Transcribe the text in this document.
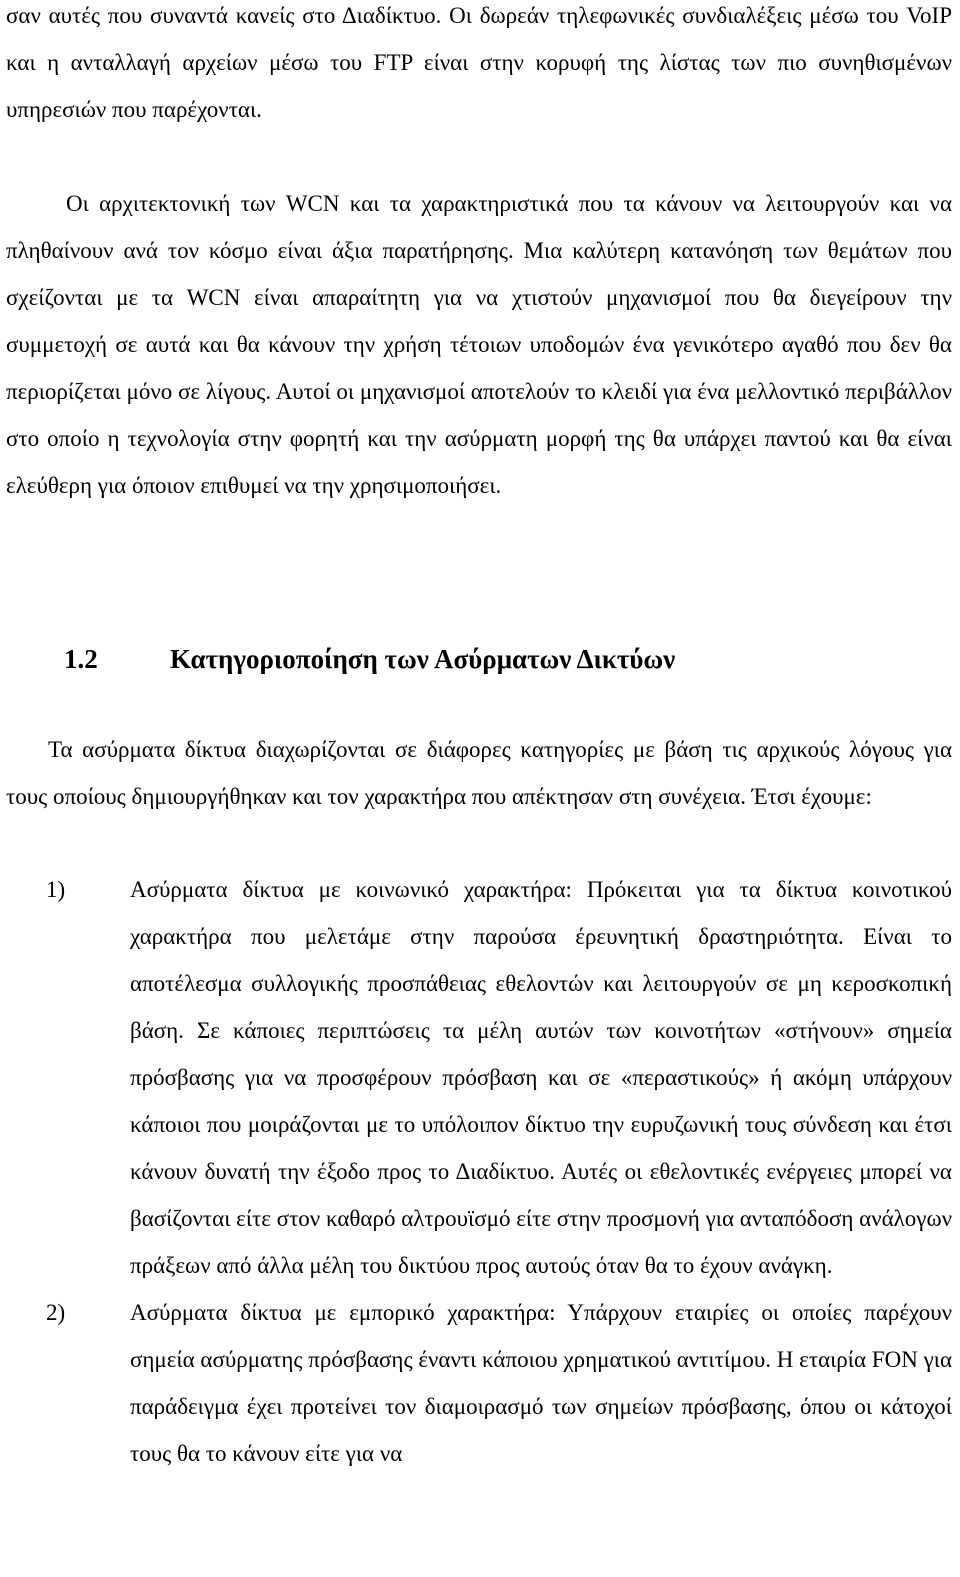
σαν αυτές που συναντά κανείς στο Διαδίκτυο. Οι δωρεάν τηλεφωνικές συνδιαλέξεις μέσω του VoIP και η ανταλλαγή αρχείων μέσω του FTP είναι στην κορυφή της λίστας των πιο συνηθισμένων υπηρεσιών που παρέχονται.

Οι αρχιτεκτονική των WCN και τα χαρακτηριστικά που τα κάνουν να λειτουργούν και να πληθαίνουν ανά τον κόσμο είναι άξια παρατήρησης. Μια καλύτερη κατανόηση των θεμάτων που σχείζονται με τα WCN είναι απαραίτητη για να χτιστούν μηχανισμοί που θα διεγείρουν την συμμετοχή σε αυτά και θα κάνουν την χρήση τέτοιων υποδομών ένα γενικότερο αγαθό που δεν θα περιορίζεται μόνο σε λίγους. Αυτοί οι μηχανισμοί αποτελούν το κλειδί για ένα μελλοντικό περιβάλλον στο οποίο η τεχνολογία στην φορητή και την ασύρματη μορφή της θα υπάρχει παντού και θα είναι ελεύθερη για όποιον επιθυμεί να την χρησιμοποιήσει.

1.2	Κατηγοριοποίηση των Ασύρματων Δικτύων

Τα ασύρματα δίκτυα διαχωρίζονται σε διάφορες κατηγορίες με βάση τις αρχικούς λόγους για τους οποίους δημιουργήθηκαν και τον χαρακτήρα που απέκτησαν στη συνέχεια. Έτσι έχουμε:

1)	Ασύρματα δίκτυα με κοινωνικό χαρακτήρα: Πρόκειται για τα δίκτυα κοινοτικού χαρακτήρα που μελετάμε στην παρούσα έρευνητική δραστηριότητα. Είναι το αποτέλεσμα συλλογικής προσπάθειας εθελοντών και λειτουργούν σε μη κεροσκοπική βάση. Σε κάποιες περιπτώσεις τα μέλη αυτών των κοινοτήτων «στήνουν» σημεία πρόσβασης για να προσφέρουν πρόσβαση και σε «περαστικούς» ή ακόμη υπάρχουν κάποιοι που μοιράζονται με το υπόλοιπον δίκτυο την ευρυζωνική τους σύνδεση και έτσι κάνουν δυνατή την έξοδο προς το Διαδίκτυο. Αυτές οι εθελοντικές ενέργειες μπορεί να βασίζονται είτε στον καθαρό αλτρουϊσμό είτε στην προσμονή για ανταπόδοση ανάλογων πράξεων από άλλα μέλη του δικτύου προς αυτούς όταν θα το έχουν ανάγκη.
2)	Ασύρματα δίκτυα με εμπορικό χαρακτήρα: Υπάρχουν εταιρίες οι οποίες παρέχουν σημεία ασύρματης πρόσβασης έναντι κάποιου χρηματικού αντιτίμου. Η εταιρία FON για παράδειγμα έχει προτείνει τον διαμοιρασμό των σημείων πρόσβασης, όπου οι κάτοχοί τους θα το κάνουν είτε για να
